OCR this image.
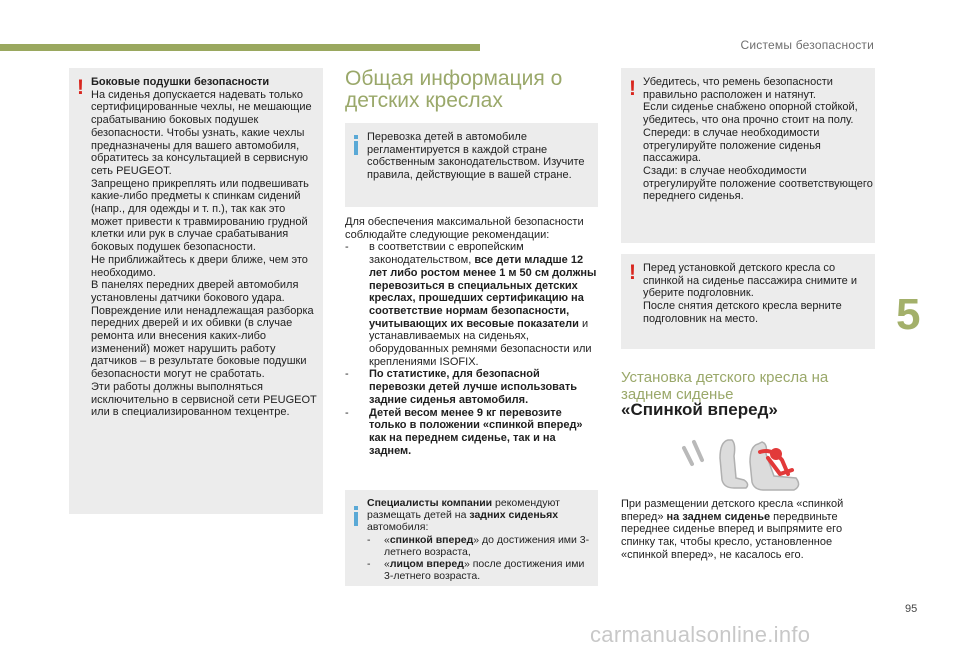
Системы безопасности
5
! Боковые подушки безопасности

На сиденья допускается надевать только сертифицированные чехлы, не мешающие срабатыванию боковых подушек безопасности. Чтобы узнать, какие чехлы предназначены для вашего автомобиля, обратитесь за консультацией в сервисную сеть PEUGEOT.
Запрещено прикреплять или подвешивать какие-либо предметы к спинкам сидений (напр., для одежды и т. п.), так как это может привести к травмированию грудной клетки или рук в случае срабатывания боковых подушек безопасности.
Не приближайтесь к двери ближе, чем это необходимо.
В панелях передних дверей автомобиля установлены датчики бокового удара. Повреждение или ненадлежащая разборка передних дверей и их обивки (в случае ремонта или внесения каких-либо изменений) может нарушить работу датчиков – в результате боковые подушки безопасности могут не сработать.
Эти работы должны выполняться исключительно в сервисной сети PEUGEOT или в специализированном техцентре.

Общая информация о
детских креслах
Перевозка детей в автомобиле регламентируется в каждой стране собственным законодательством. Изучите правила, действующие в вашей стране.

Для обеспечения максимальной безопасности соблюдайте следующие рекомендации:

-	в соответствии с европейским законодательством, все дети младше 12 лет либо ростом менее 1 м 50 см должны перевозиться в специальных детских креслах, прошедших сертификацию на соответствие нормам безопасности, учитывающих их весовые показатели и устанавливаемых на сиденьях, оборудованных ремнями безопасности или креплениями ISOFIX.
-	По статистике, для безопасной перевозки детей лучше использовать задние сиденья автомобиля.
-	Детей весом менее 9 кг перевозите только в положении «спинкой вперед» как на переднем сиденье, так и на заднем.

Специалисты компании рекомендуют размещать детей на задних сиденьях автомобиля:

-	«спинкой вперед» до достижения ими 3-летнего возраста,
-	«лицом вперед» после достижения ими 3-летнего возраста.
! Убедитесь, что ремень безопасности правильно расположен и натянут.
Если сиденье снабжено опорной стойкой, убедитесь, что она прочно стоит на полу.
Спереди: в случае необходимости отрегулируйте положение сиденья пассажира.
Сзади: в случае необходимости отрегулируйте положение соответствующего переднего сиденья.
! Перед установкой детского кресла со спинкой на сиденье пассажира снимите и уберите подголовник.
После снятия детского кресла верните подголовник на место.
Установка детского кресла на заднем сиденье
«Спинкой вперед»
При размещении детского кресла «спинкой вперед» на заднем сиденье передвиньте переднее сиденье вперед и выпрямите его спинку так, чтобы кресло, установленное «спинкой вперед», не касалось его.
95
carmanualsonline.info
